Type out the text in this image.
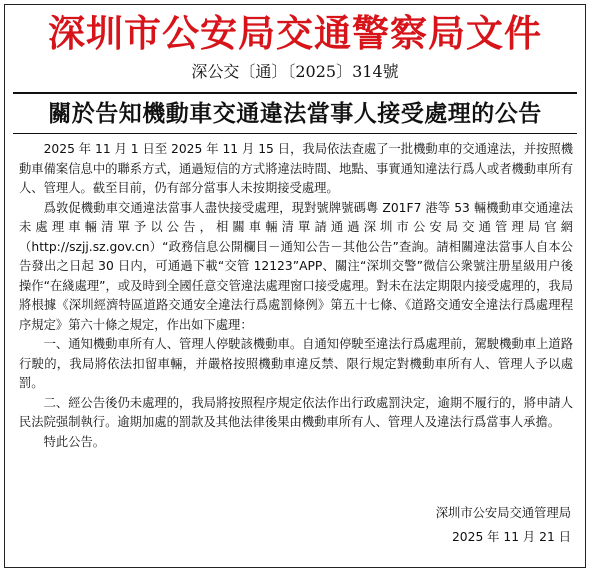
深圳市公安局交通警察局文件
深公交〔通〕〔2025〕314號
關於告知機動車交通違法當事人接受處理的公告

2025 年 11 月 1 日至 2025 年 11 月 15 日，我局依法查處了一批機動車的交通違法，并按照機動車備案信息中的聯系方式，通過短信的方式將違法時間、地點、事實通知違法行爲人或者機動車所有人、管理人。截至目前，仍有部分當事人未按期接受處理。

爲敦促機動車交通違法當事人盡快接受處理，現對號牌號碼粵 Z01F7 港等 53 輛機動車交通違法未處理車輛清單予以公告，相關車輛清單請通過深圳市公安局交通管理局官網（http://szjj.sz.gov.cn）“政務信息公開欄目－通知公告－其他公告”查詢。請相關違法當事人自本公告發出之日起 30 日内，可通過下載“交管 12123”APP、關注“深圳交警”微信公衆號注册星級用户後操作“在綫處理”，或及時到全國任意交管違法處理窗口接受處理。對未在法定期限内接受處理的，我局將根據《深圳經濟特區道路交通安全違法行爲處罰條例》第五十七條、《道路交通安全違法行爲處理程序規定》第六十條之規定，作出如下處理：

一、通知機動車所有人、管理人停駛該機動車。自通知停駛至違法行爲處理前，駕駛機動車上道路行駛的，我局將依法扣留車輛，并嚴格按照機動車違反禁、限行規定對機動車所有人、管理人予以處罰。

二、經公告後仍未處理的，我局將按照程序規定依法作出行政處罰決定，逾期不履行的，將申請人民法院强制執行。逾期加處的罰款及其他法律後果由機動車所有人、管理人及違法行爲當事人承擔。

特此公告。

深圳市公安局交通管理局
2025 年 11 月 21 日
